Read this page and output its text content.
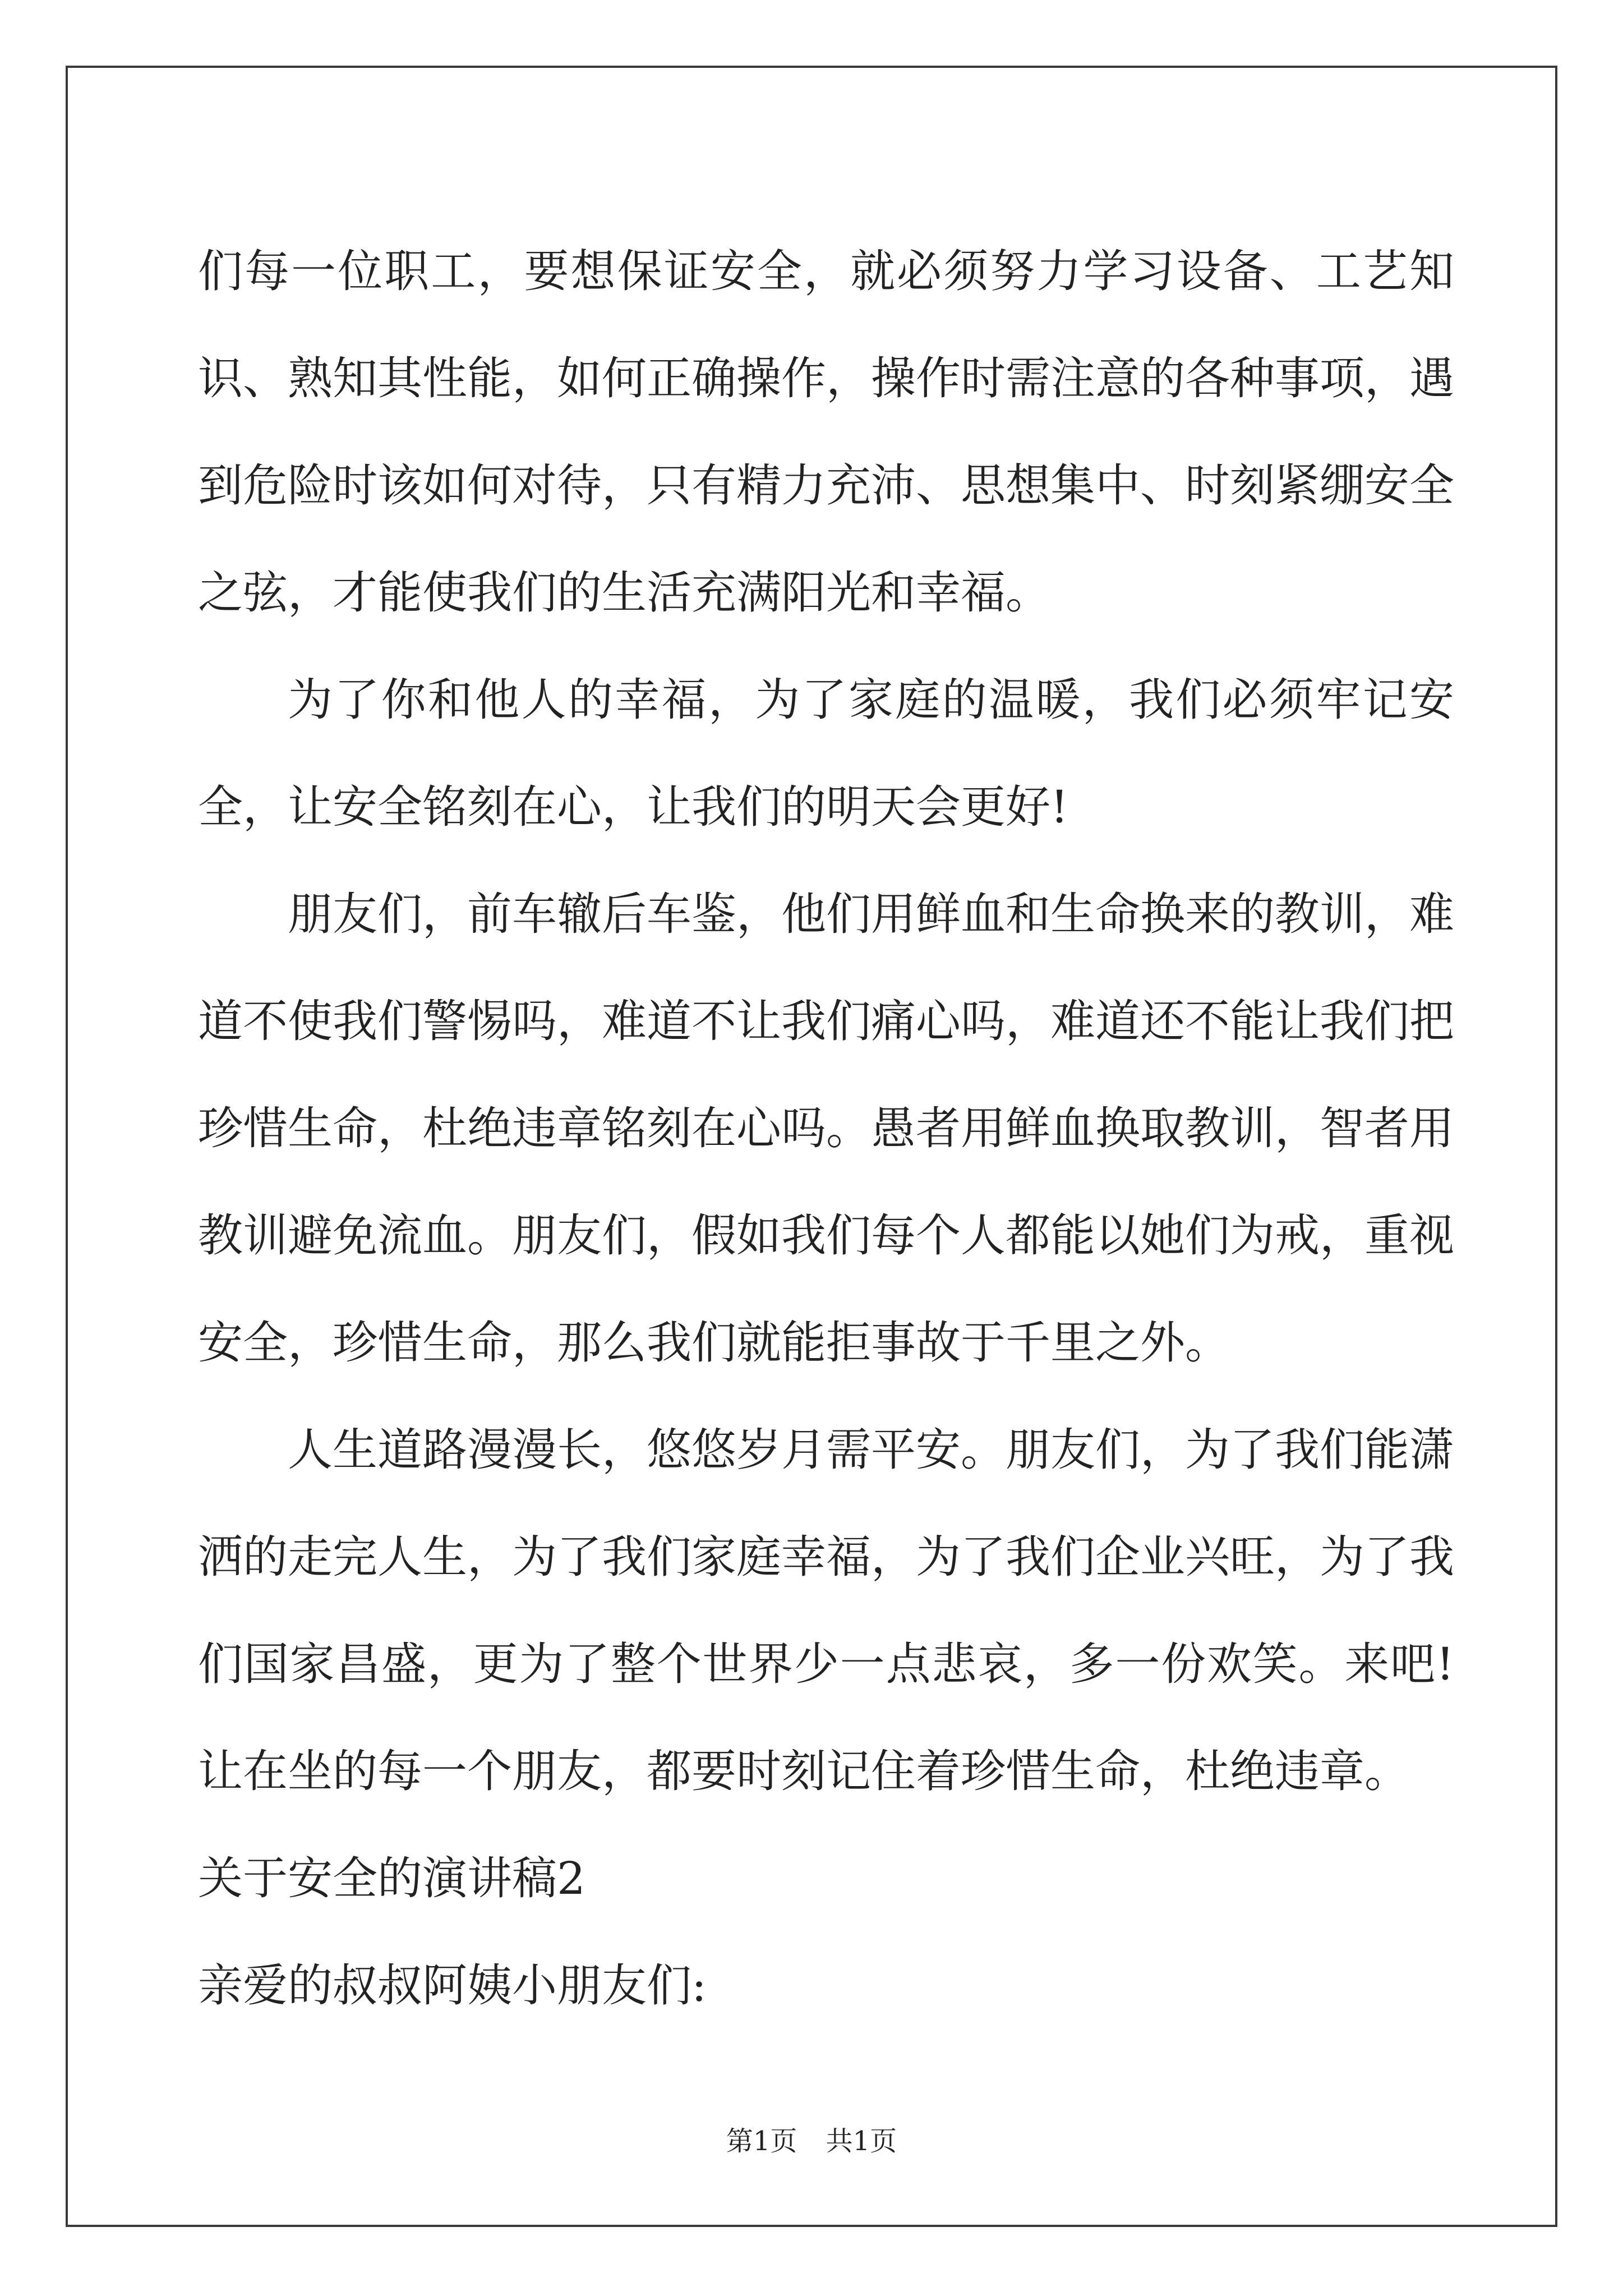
们每一位职工，要想保证安全，就必须努力学习设备、工艺知识、熟知其性能，如何正确操作，操作时需注意的各种事项，遇到危险时该如何对待，只有精力充沛、思想集中、时刻紧绷安全之弦，才能使我们的生活充满阳光和幸福。

为了你和他人的幸福，为了家庭的温暖，我们必须牢记安全，让安全铭刻在心，让我们的明天会更好!

朋友们，前车辙后车鉴，他们用鲜血和生命换来的教训，难道不使我们警惕吗，难道不让我们痛心吗，难道还不能让我们把珍惜生命，杜绝违章铭刻在心吗。愚者用鲜血换取教训，智者用教训避免流血。朋友们，假如我们每个人都能以她们为戒，重视安全，珍惜生命，那么我们就能拒事故于千里之外。

人生道路漫漫长，悠悠岁月需平安。朋友们，为了我们能潇洒的走完人生，为了我们家庭幸福，为了我们企业兴旺，为了我们国家昌盛，更为了整个世界少一点悲哀，多一份欢笑。来吧!让在坐的每一个朋友，都要时刻记住着珍惜生命，杜绝违章。

关于安全的演讲稿2

亲爱的叔叔阿姨小朋友们:

第1页 共1页
